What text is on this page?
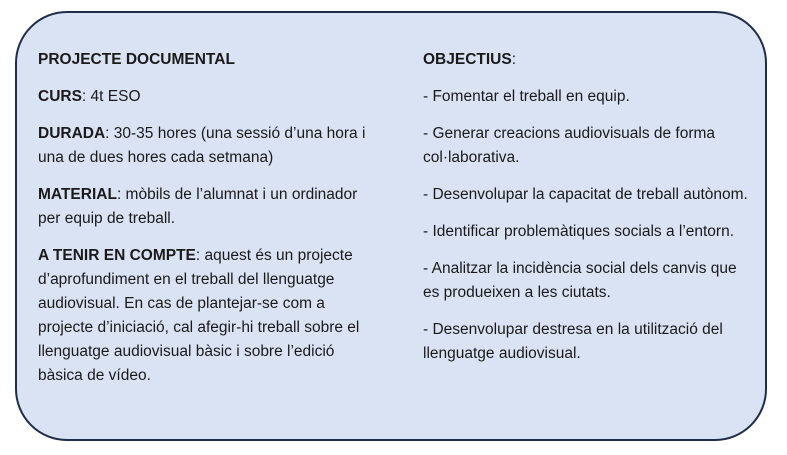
PROJECTE DOCUMENTAL

CURS: 4t ESO

DURADA: 30-35 hores (una sessió d’una hora i una de dues hores cada setmana)

MATERIAL: mòbils de l’alumnat i un ordinador per equip de treball.

A TENIR EN COMPTE: aquest és un projecte d’aprofundiment en el treball del llenguatge audiovisual. En cas de plantejar-se com a projecte d’iniciació, cal afegir-hi treball sobre el llenguatge audiovisual bàsic i sobre l’edició bàsica de vídeo.

OBJECTIUS:

- Fomentar el treball en equip.

- Generar creacions audiovisuals de forma col·laborativa.

- Desenvolupar la capacitat de treball autònom.

- Identificar problemàtiques socials a l’entorn.

- Analitzar la incidència social dels canvis que es produeixen a les ciutats.

- Desenvolupar destresa en la utilització del llenguatge audiovisual.
